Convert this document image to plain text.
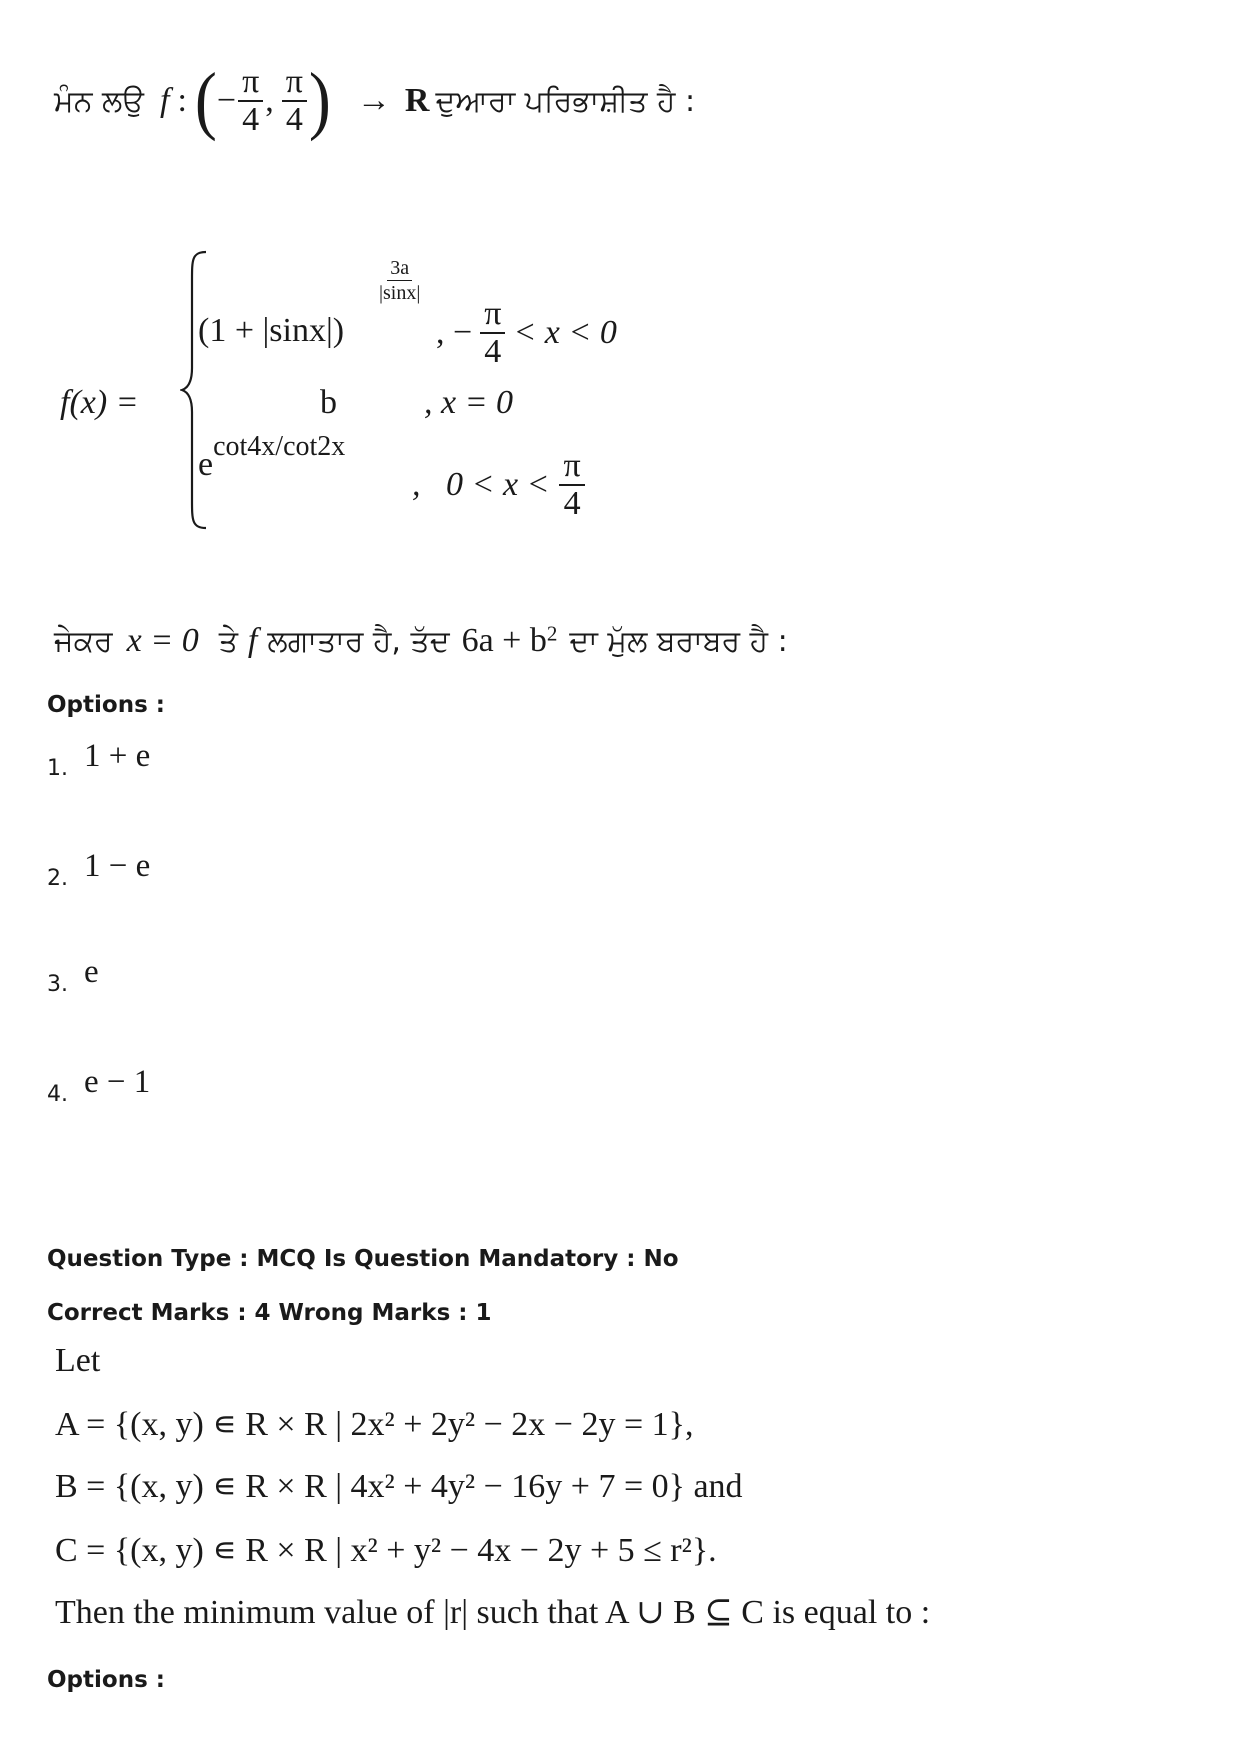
ਮੰਨ ਲਉ f : ( − $\frac{\pi}{4}$ , $\frac{\pi}{4}$ ) → R ਦੁਆਰਾ ਪਰਿਭਾਸ਼ੀਤ ਹੈ :
f(x) =
(1 + |sinx|)
$\frac{3a}{|\sin x|}$
, − $\frac{\pi}{4} < x < 0$
b	, x = 0
$e^{cot4x/cot2x}$
,   $0 < x < \frac{\pi}{4}$
ਜੇਕਰ x = 0 ਤੇ f ਲਗਾਤਾਰ ਹੈ, ਤੱਦ $6a + b^2$ ਦਾ ਮੁੱਲ ਬਰਾਬਰ ਹੈ :
Options :
1. 1 + e
2. 1 − e
3. e
4. e − 1
Question Type : MCQ Is Question Mandatory : No
Correct Marks : 4 Wrong Marks : 1
Let
A = {(x, y) ∊ R × R | 2x² + 2y² − 2x − 2y = 1},
B = {(x, y) ∊ R × R | 4x² + 4y² − 16y + 7 = 0} and
C = {(x, y) ∊ R × R | x² + y² − 4x − 2y + 5 ≤ r²}.
Then the minimum value of |r| such that A ∪ B ⊆ C is equal to :
Options :
